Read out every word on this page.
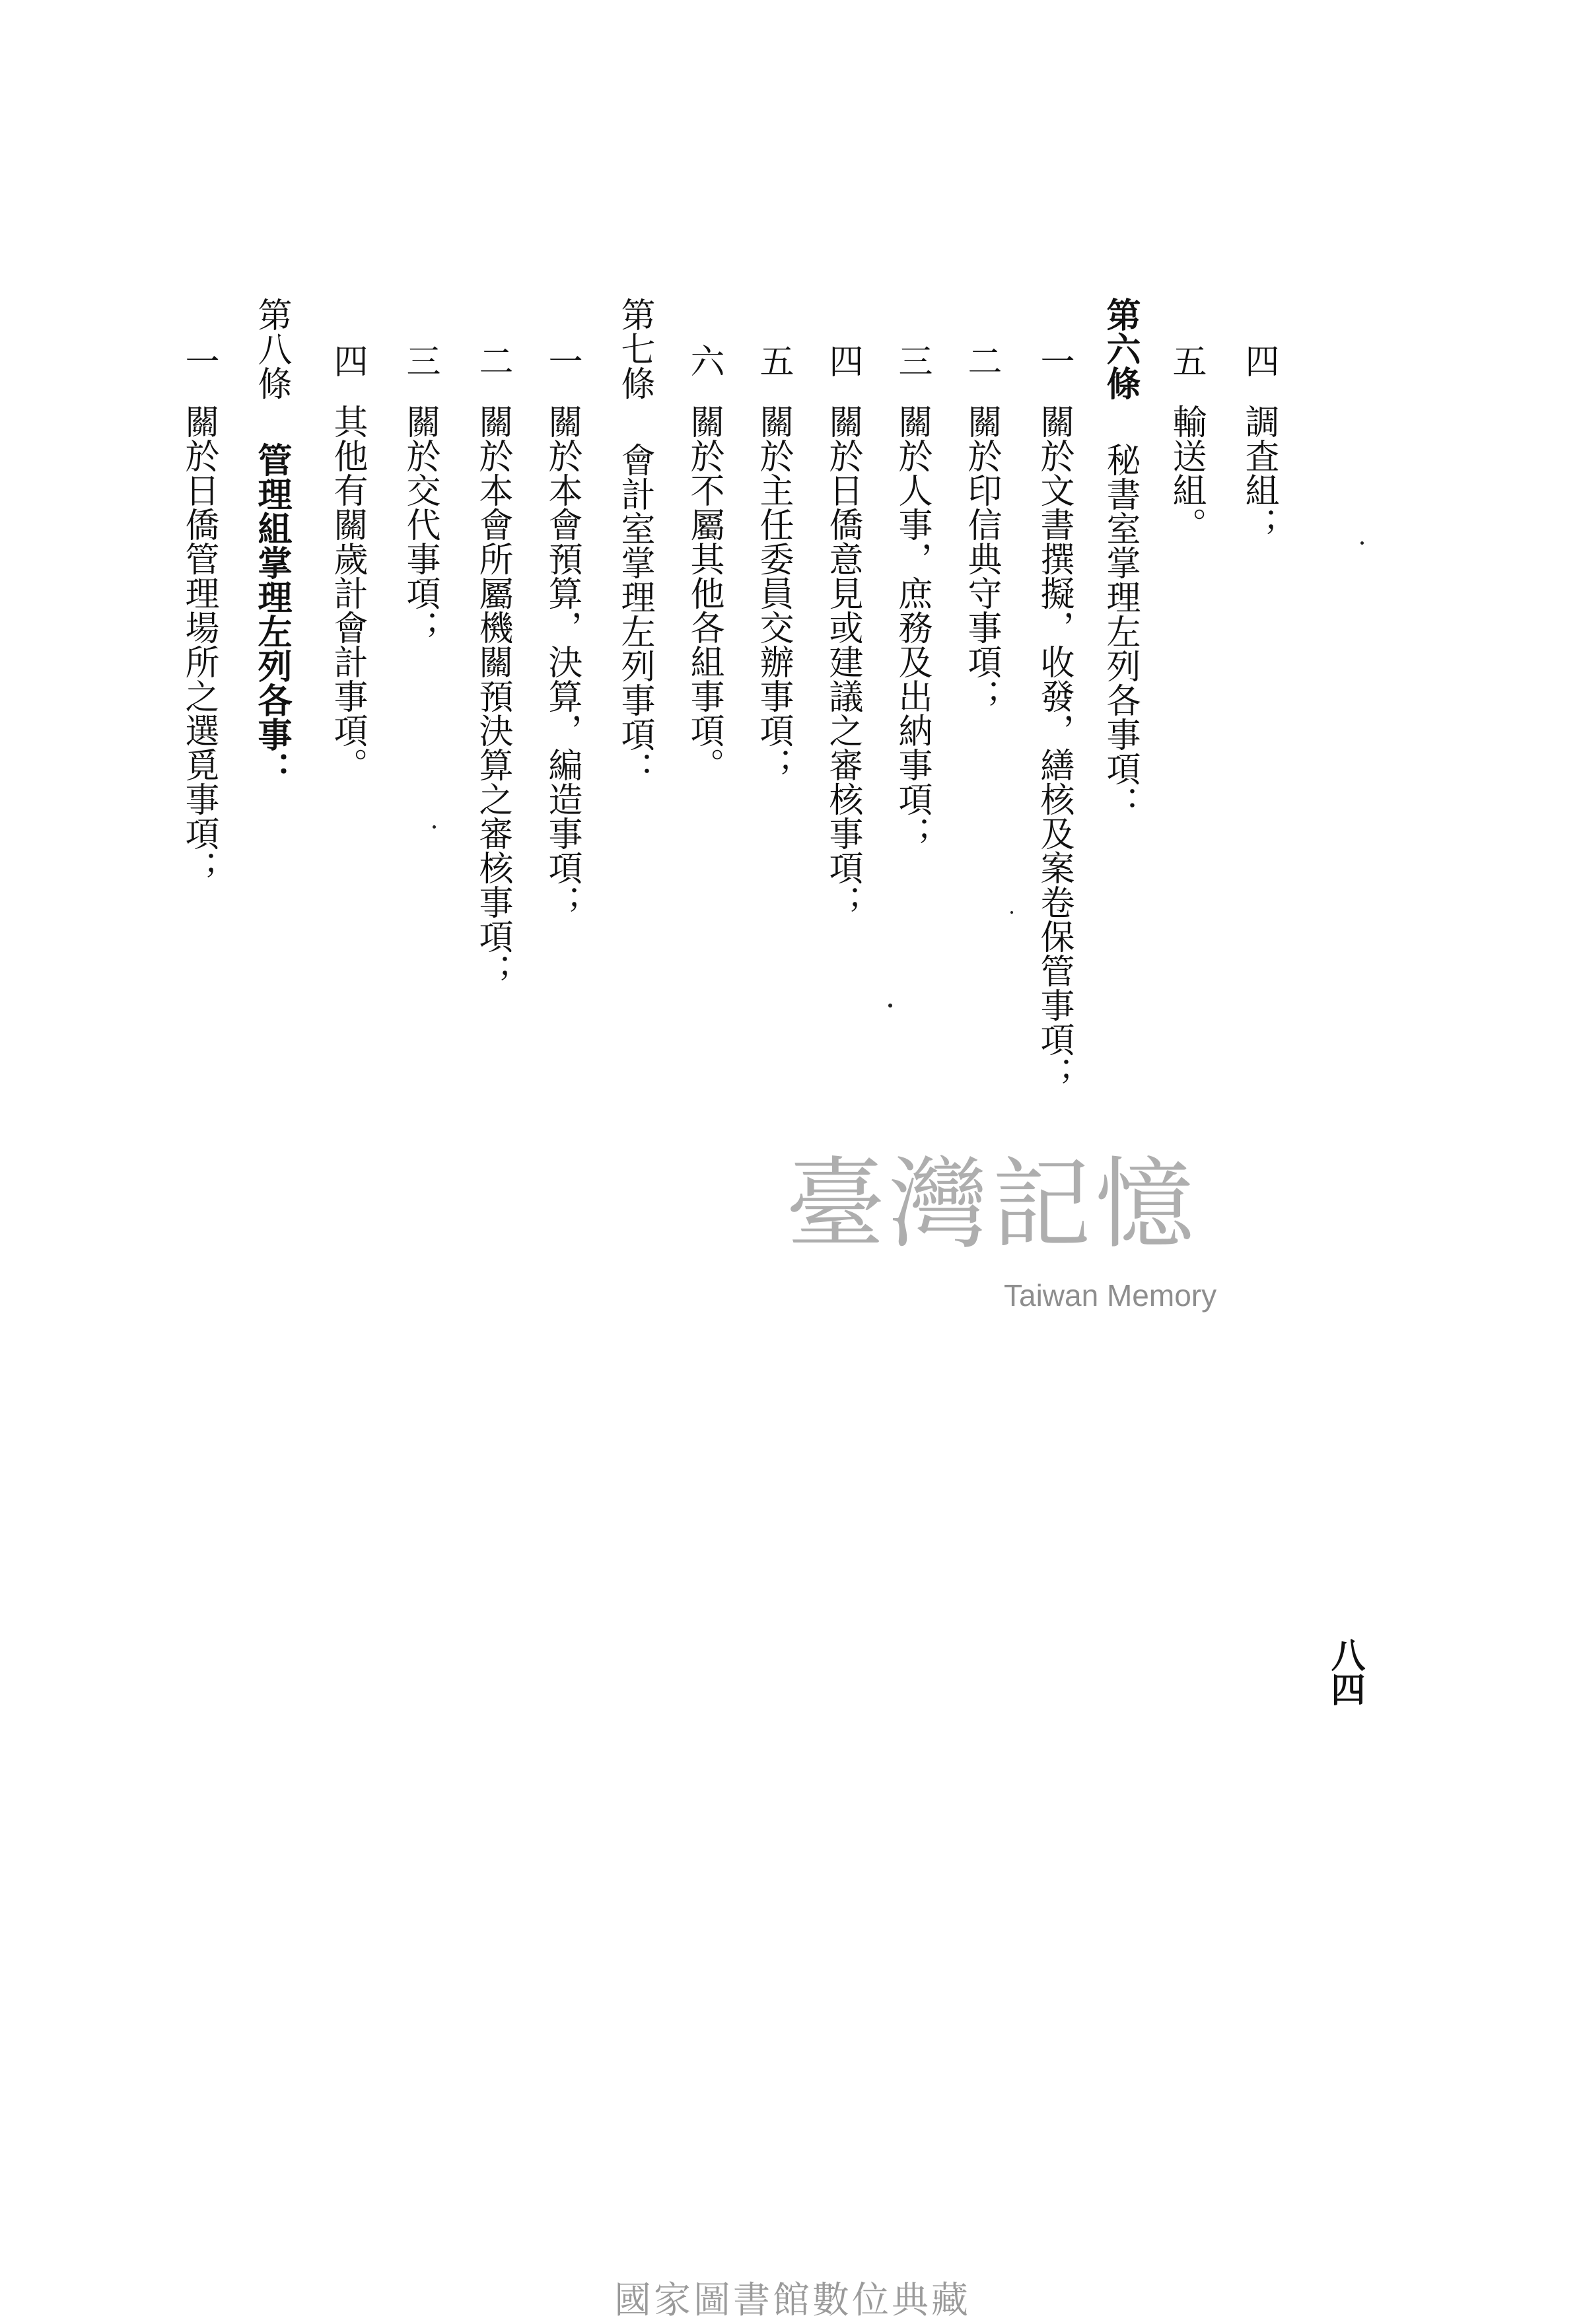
四調査組；
五輸送組。
第六條秘書室掌理左列各事項：
一關於文書撰擬，收發，繕核及案卷保管事項；
二關於印信典守事項；
三關於人事，庶務及出納事項；
四關於日僑意見或建議之審核事項；
五關於主任委員交辦事項；
六關於不屬其他各組事項。
第七條會計室掌理左列事項：
一關於本會預算，決算，編造事項；
二關於本會所屬機關預決算之審核事項；
三關於交代事項；
四其他有關歲計會計事項。
第八條管理組掌理左列各事：
一關於日僑管理場所之選覓事項；
八四
臺灣記憶
Taiwan Memory
國家圖書館數位典藏
